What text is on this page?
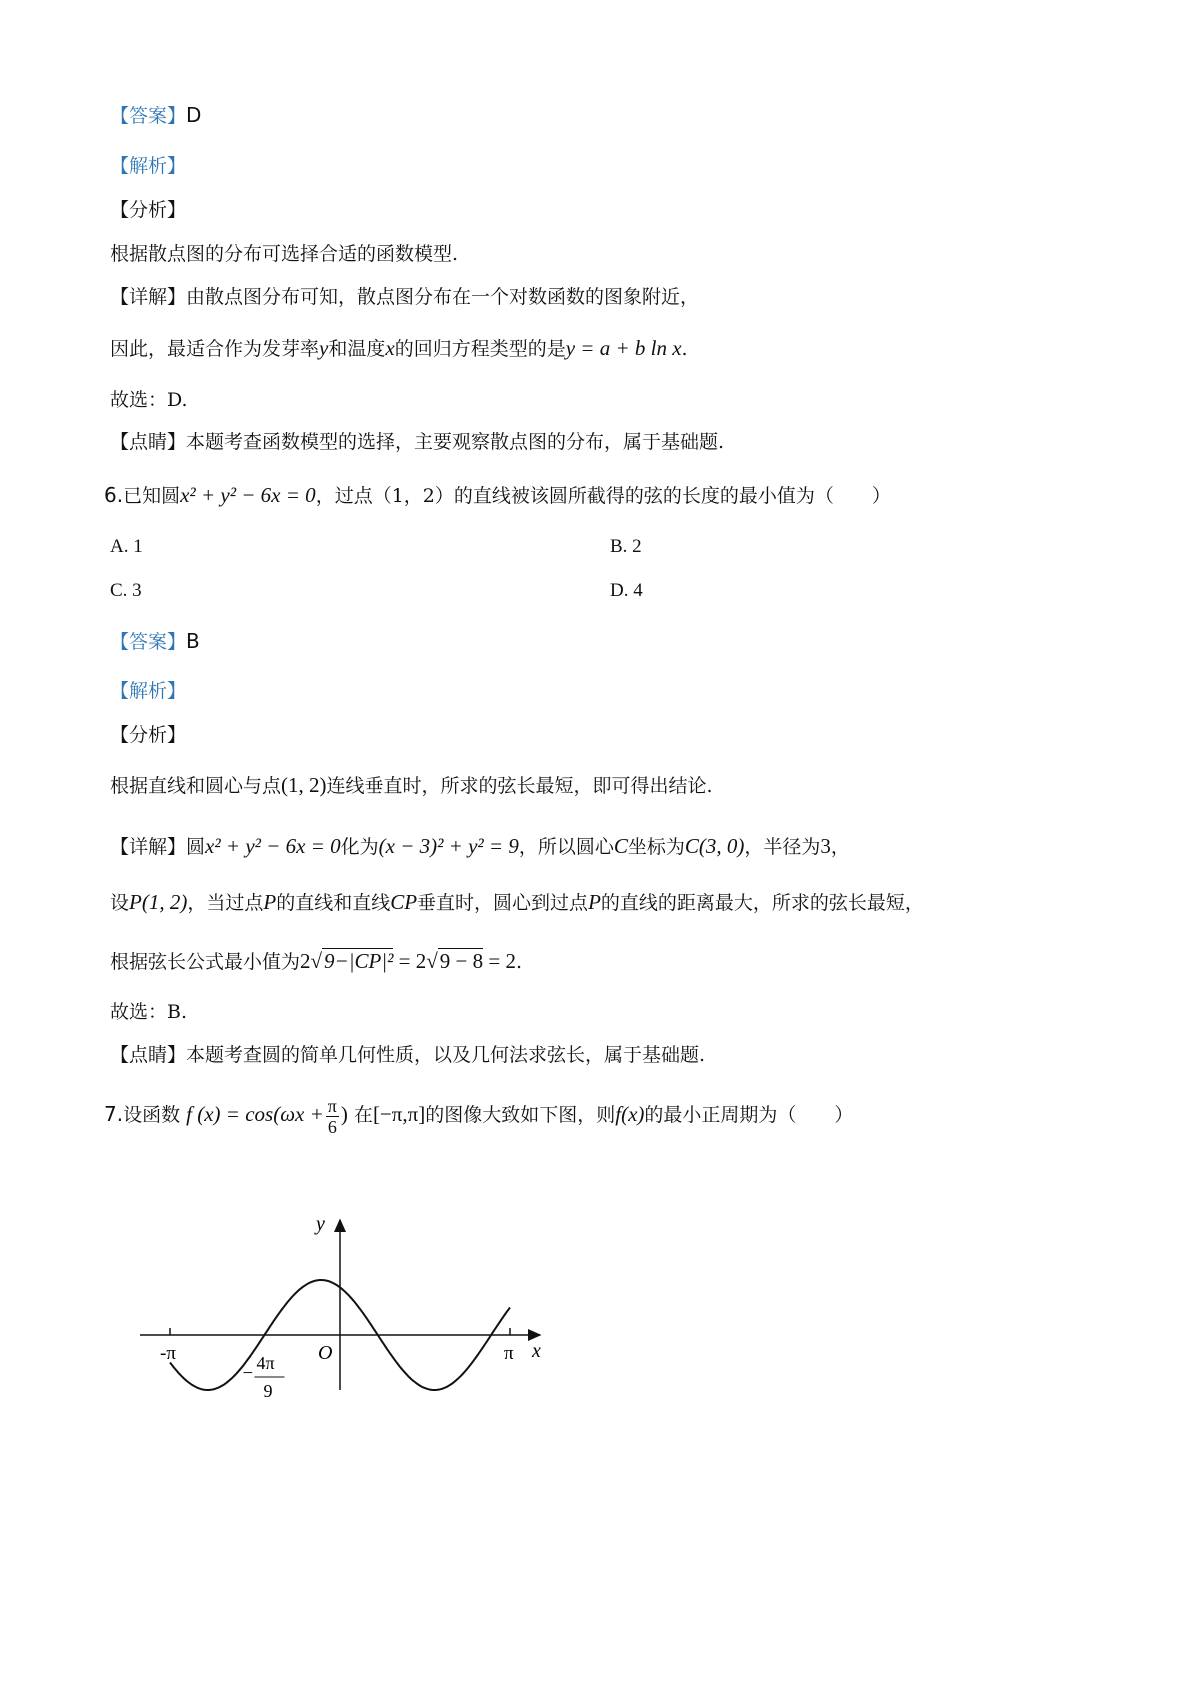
【答案】D
【解析】
【分析】
根据散点图的分布可选择合适的函数模型.
【详解】由散点图分布可知，散点图分布在一个对数函数的图象附近，
因此，最适合作为发芽率y和温度x的回归方程类型的是y = a + b ln x.
故选：D.
【点睛】本题考查函数模型的选择，主要观察散点图的分布，属于基础题.
6.已知圆x² + y² − 6x = 0，过点（1，2）的直线被该圆所截得的弦的长度的最小值为（　　）
A. 1	B. 2
C. 3	D. 4
【答案】B
【解析】
【分析】
根据直线和圆心与点(1, 2)连线垂直时，所求的弦长最短，即可得出结论.
【详解】圆x² + y² − 6x = 0化为(x − 3)² + y² = 9，所以圆心C坐标为C(3, 0)，半径为3，
设P(1, 2)，当过点P的直线和直线CP垂直时，圆心到过点P的直线的距离最大，所求的弦长最短，
根据弦长公式最小值为2√9−|CP|² = 2√9 − 8 = 2.
故选：B.
【点睛】本题考查圆的简单几何性质，以及几何法求弦长，属于基础题.
7.设函数 f $(x) = \cos(\omega x + \frac{\pi}{6}$ ) 在[−π,π]的图像大致如下图，则f(x)的最小正周期为（　　）
y
x
O
-π	π
− 4π
9
